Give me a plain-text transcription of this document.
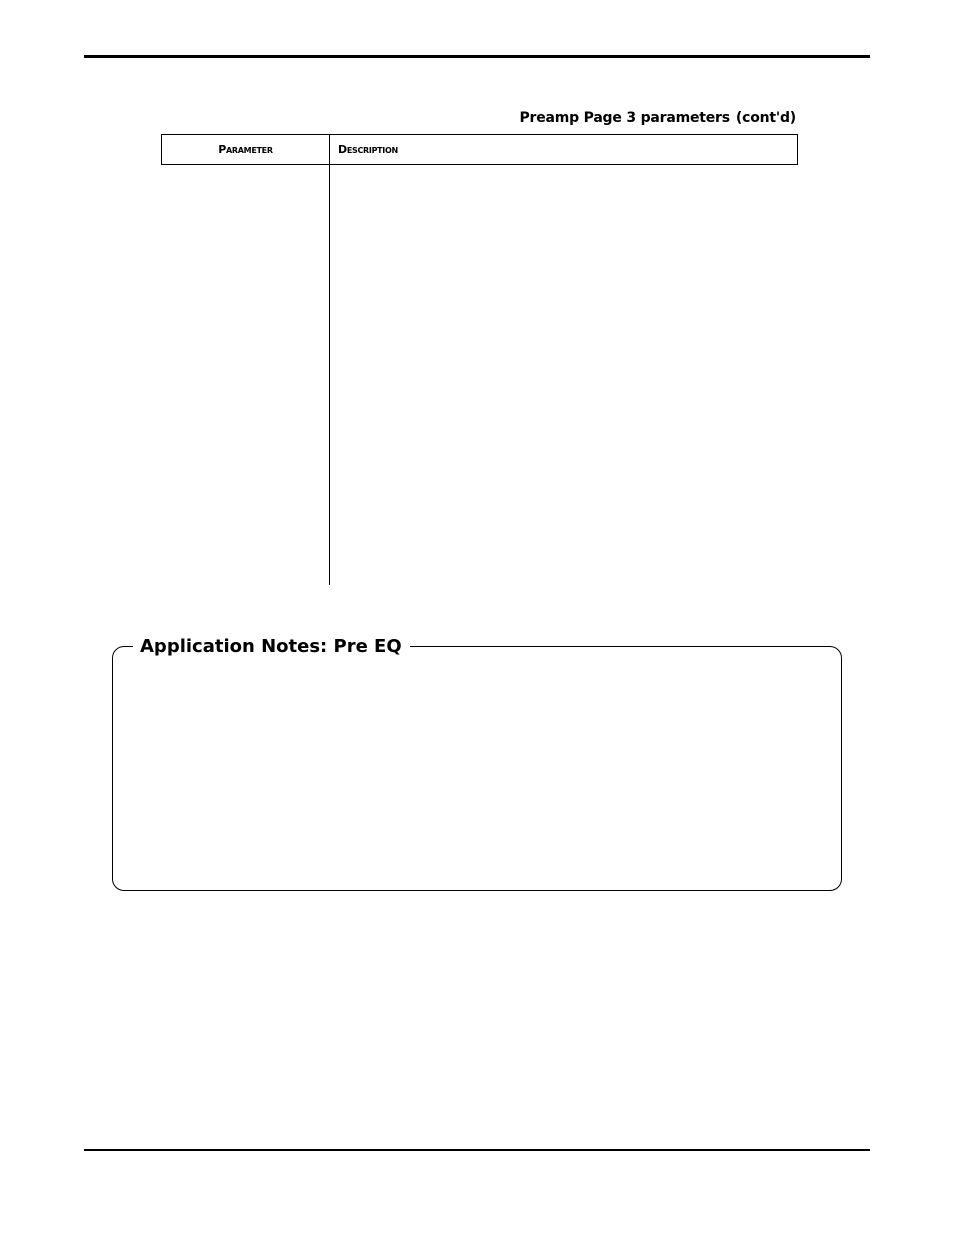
Preamp Page 3 parameters (cont'd)
Parameter	Description
Application Notes: Pre EQ
